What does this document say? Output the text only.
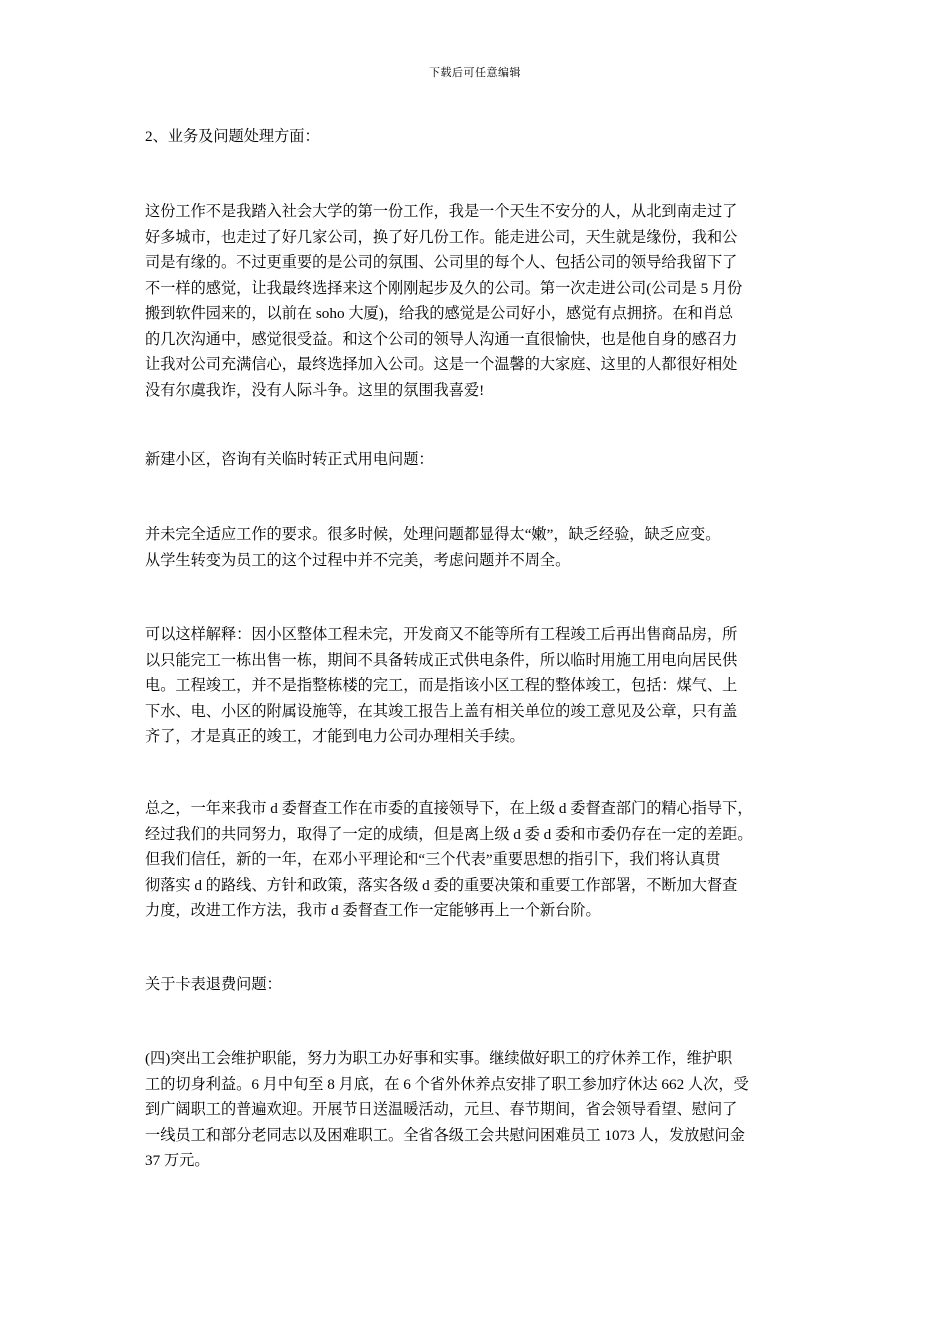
下载后可任意编辑
2、业务及问题处理方面：
这份工作不是我踏入社会大学的第一份工作，我是一个天生不安分的人，从北到南走过了
好多城市，也走过了好几家公司，换了好几份工作。能走进公司，天生就是缘份，我和公
司是有缘的。不过更重要的是公司的氛围、公司里的每个人、包括公司的领导给我留下了
不一样的感觉，让我最终选择来这个刚刚起步及久的公司。第一次走进公司(公司是 5 月份
搬到软件园来的，以前在 soho 大厦)，给我的感觉是公司好小，感觉有点拥挤。在和肖总
的几次沟通中，感觉很受益。和这个公司的领导人沟通一直很愉快，也是他自身的感召力
让我对公司充满信心，最终选择加入公司。这是一个温馨的大家庭、这里的人都很好相处
没有尔虞我诈，没有人际斗争。这里的氛围我喜爱!
新建小区，咨询有关临时转正式用电问题：
并未完全适应工作的要求。很多时候，处理问题都显得太“嫩”，缺乏经验，缺乏应变。
从学生转变为员工的这个过程中并不完美，考虑问题并不周全。
可以这样解释：因小区整体工程未完，开发商又不能等所有工程竣工后再出售商品房，所
以只能完工一栋出售一栋，期间不具备转成正式供电条件，所以临时用施工用电向居民供
电。工程竣工，并不是指整栋楼的完工，而是指该小区工程的整体竣工，包括：煤气、上
下水、电、小区的附属设施等，在其竣工报告上盖有相关单位的竣工意见及公章，只有盖
齐了，才是真正的竣工，才能到电力公司办理相关手续。
总之，一年来我市 d 委督查工作在市委的直接领导下，在上级 d 委督查部门的精心指导下，
经过我们的共同努力，取得了一定的成绩，但是离上级 d 委 d 委和市委仍存在一定的差距。
但我们信任，新的一年，在邓小平理论和“三个代表”重要思想的指引下，我们将认真贯
彻落实 d 的路线、方针和政策，落实各级 d 委的重要决策和重要工作部署，不断加大督查
力度，改进工作方法，我市 d 委督查工作一定能够再上一个新台阶。
关于卡表退费问题：
(四)突出工会维护职能，努力为职工办好事和实事。继续做好职工的疗休养工作，维护职
工的切身利益。6 月中旬至 8 月底，在 6 个省外休养点安排了职工参加疗休达 662 人次，受
到广阔职工的普遍欢迎。开展节日送温暖活动，元旦、春节期间，省会领导看望、慰问了
一线员工和部分老同志以及困难职工。全省各级工会共慰问困难员工 1073 人，发放慰问金
37 万元。
